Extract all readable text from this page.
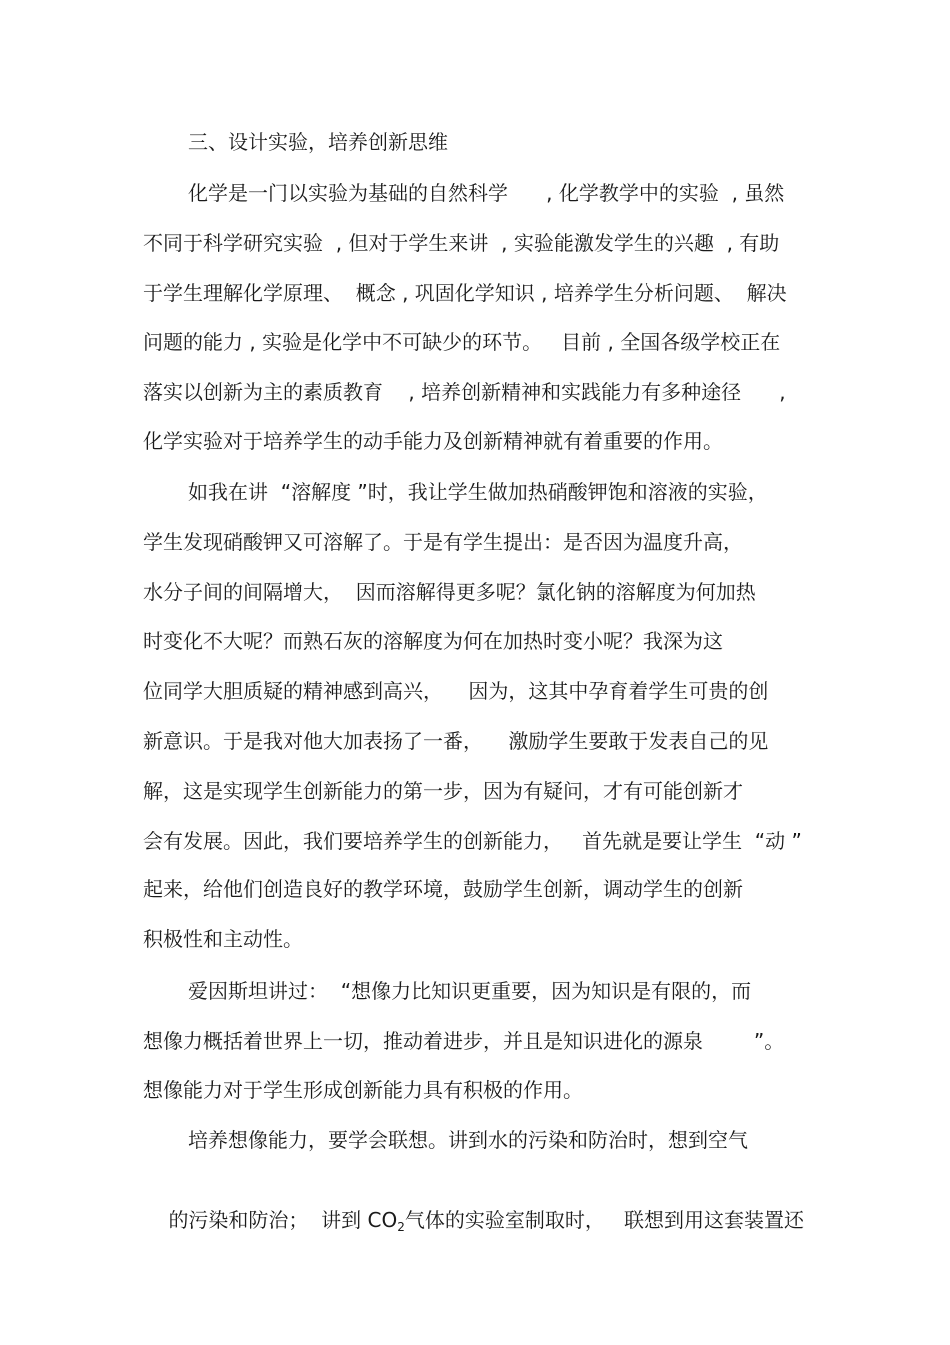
三、设计实验，培养创新思维
化学是一门以实验为基础的自然科学      , 化学教学中的实验  , 虽然
不同于科学研究实验  , 但对于学生来讲  , 实验能激发学生的兴趣  , 有助
于学生理解化学原理、  概念 , 巩固化学知识 , 培养学生分析问题、  解决
问题的能力 , 实验是化学中不可缺少的环节。   目前 , 全国各级学校正在
落实以创新为主的素质教育    , 培养创新精神和实践能力有多种途径      ,
化学实验对于培养学生的动手能力及创新精神就有着重要的作用。
如我在讲  “溶解度 ”时，我让学生做加热硝酸钾饱和溶液的实验，
学生发现硝酸钾又可溶解了。于是有学生提出：是否因为温度升高，
水分子间的间隔增大，  因而溶解得更多呢？氯化钠的溶解度为何加热
时变化不大呢？而熟石灰的溶解度为何在加热时变小呢？我深为这
位同学大胆质疑的精神感到高兴，    因为，这其中孕育着学生可贵的创
新意识。于是我对他大加表扬了一番，    激励学生要敢于发表自己的见
解，这是实现学生创新能力的第一步，因为有疑问，才有可能创新才
会有发展。因此，我们要培养学生的创新能力，   首先就是要让学生  “动 ”
起来，给他们创造良好的教学环境，鼓励学生创新，调动学生的创新
积极性和主动性。
爱因斯坦讲过：  “想像力比知识更重要，因为知识是有限的，而
想像力概括着世界上一切，推动着进步，并且是知识进化的源泉        ”。
想像能力对于学生形成创新能力具有积极的作用。
培养想像能力，要学会联想。讲到水的污染和防治时，想到空气

的污染和防治；  讲到 $CO_2$气体的实验室制取时，   联想到用这套装置还
